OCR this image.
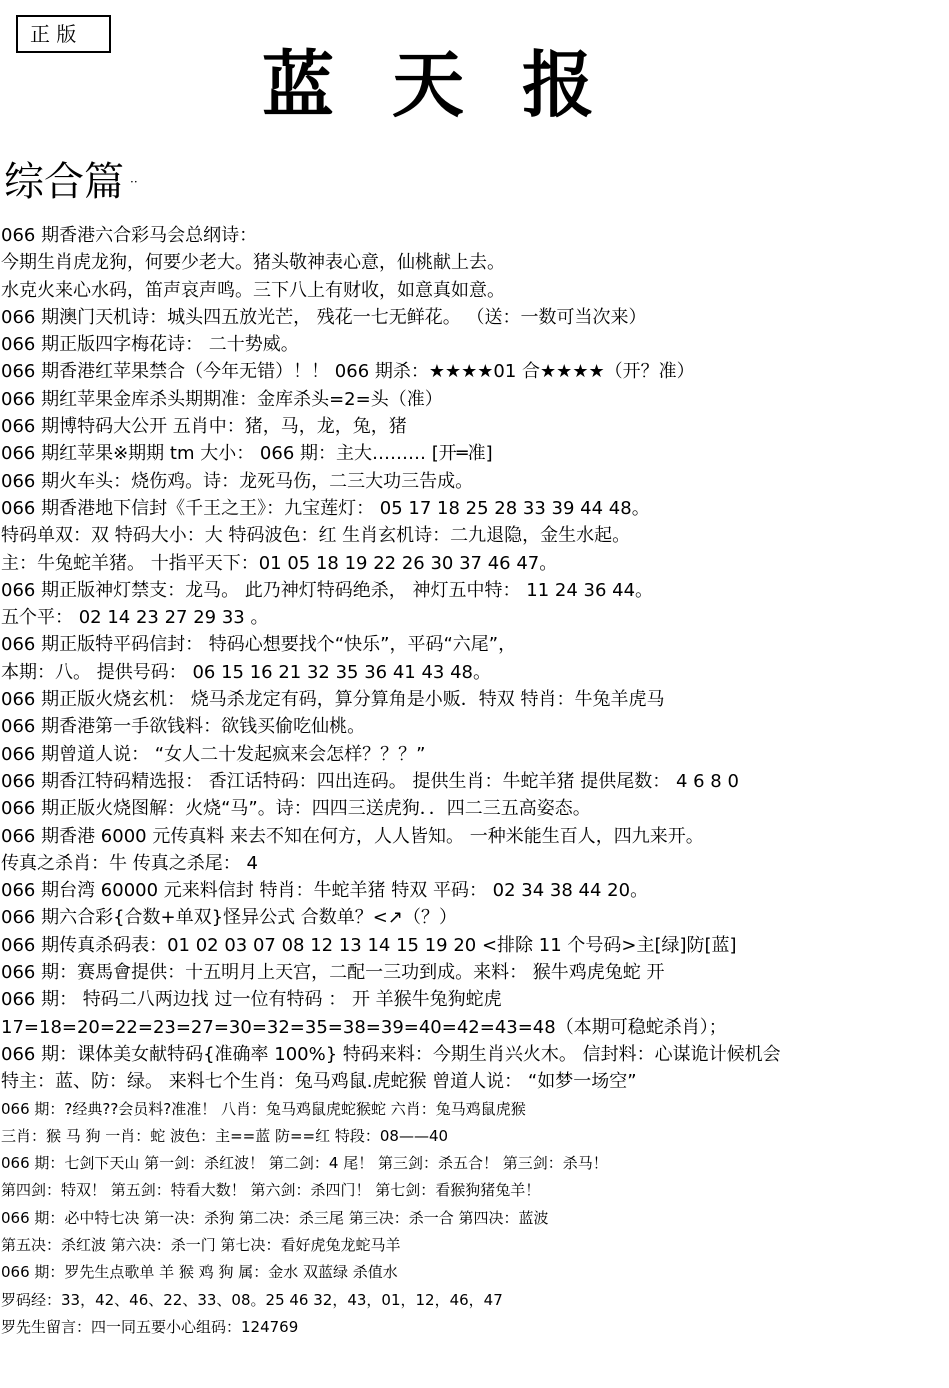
正 版
蓝天报
综合篇 ··
066 期香港六合彩马会总纲诗：
今期生肖虎龙狗，何要少老大。猪头敬神表心意，仙桃献上去。
水克火来心水码，笛声哀声鸣。三下八上有财收，如意真如意。
066 期澳门天机诗：城头四五放光芒， 残花一七无鲜花。 （送：一数可当次来）
066 期正版四字梅花诗： 二十势威。
066 期香港红苹果禁合（今年无错）！！ 066 期杀：★★★★01 合★★★★（开？准）
066 期红苹果金库杀头期期准：金库杀头=2=头（准）
066 期博特码大公开 五肖中：猪，马，龙，兔，猪
066 期红苹果※期期 tm 大小： 066 期：主大……… [开═准]
066 期火车头：烧伤鸡。诗：龙死马伤，二三大功三告成。
066 期香港地下信封《千王之王》：九宝莲灯： 05 17 18 25 28 33 39 44 48。
特码单双：双 特码大小：大 特码波色：红 生肖玄机诗：二九退隐，金生水起。
主：牛兔蛇羊猪。 十指平天下：01 05 18 19 22 26 30 37 46 47。
066 期正版神灯禁支：龙马。 此乃神灯特码绝杀， 神灯五中特： 11 24 36 44。
五个平： 02 14 23 27 29 33 。
066 期正版特平码信封： 特码心想要找个“快乐”，平码“六尾”，
本期：八。 提供号码： 06 15 16 21 32 35 36 41 43 48。
066 期正版火烧玄机： 烧马杀龙定有码，算分算角是小贩．特双 特肖：牛兔羊虎马
066 期香港第一手欲钱料：欲钱买偷吃仙桃。
066 期曾道人说： “女人二十发起疯来会怎样？？？”
066 期香江特码精选报： 香江话特码：四出连码。 提供生肖：牛蛇羊猪 提供尾数： 4 6 8 0
066 期正版火烧图解：火烧“马”。诗：四四三送虎狗．．四二三五高姿态。
066 期香港 6000 元传真料 来去不知在何方，人人皆知。 一种米能生百人，四九来开。
传真之杀肖：牛 传真之杀尾： 4
066 期台湾 60000 元来料信封 特肖：牛蛇羊猪 特双 平码： 02 34 38 44 20。
066 期六合彩{合数+单双}怪异公式 合数单？<↗（？）
066 期传真杀码表：01 02 03 07 08 12 13 14 15 19 20 <排除 11 个号码>主[绿]防[蓝]
066 期：赛馬會提供：十五明月上天宫，二配一三功到成。来料： 猴牛鸡虎兔蛇 开
066 期： 特码二八两边找 过一位有特码 ： 开 羊猴牛兔狗蛇虎
17=18=20=22=23=27=30=32=35=38=39=40=42=43=48（本期可稳蛇杀肖）；
066 期：课体美女献特码{准确率 100%} 特码来料：今期生肖兴火木。 信封料：心谋诡计候机会
特主：蓝、防：绿。 来料七个生肖：兔马鸡鼠.虎蛇猴 曾道人说： “如梦一场空”
066 期：?经典??会员料?准准！ 八肖：兔马鸡鼠虎蛇猴蛇 六肖：兔马鸡鼠虎猴
三肖：猴 马 狗 一肖：蛇 波色：主==蓝 防==红 特段：08——40
066 期：七剑下天山 第一剑：杀红波！ 第二剑：4 尾！ 第三剑：杀五合！ 第三剑：杀马！
第四剑：特双！ 第五剑：特看大数！ 第六剑：杀四门！ 第七剑：看猴狗猪兔羊！
066 期：必中特七决 第一决：杀狗 第二决：杀三尾 第三决：杀一合 第四决：蓝波
第五决：杀红波 第六决：杀一门 第七决：看好虎兔龙蛇马羊
066 期：罗先生点歌单 羊 猴 鸡 狗 属：金水 双蓝绿 杀值水
罗码经：33，42、46、22、33、08。25 46 32，43，01，12，46，47
罗先生留言：四一同五要小心组码：124769
